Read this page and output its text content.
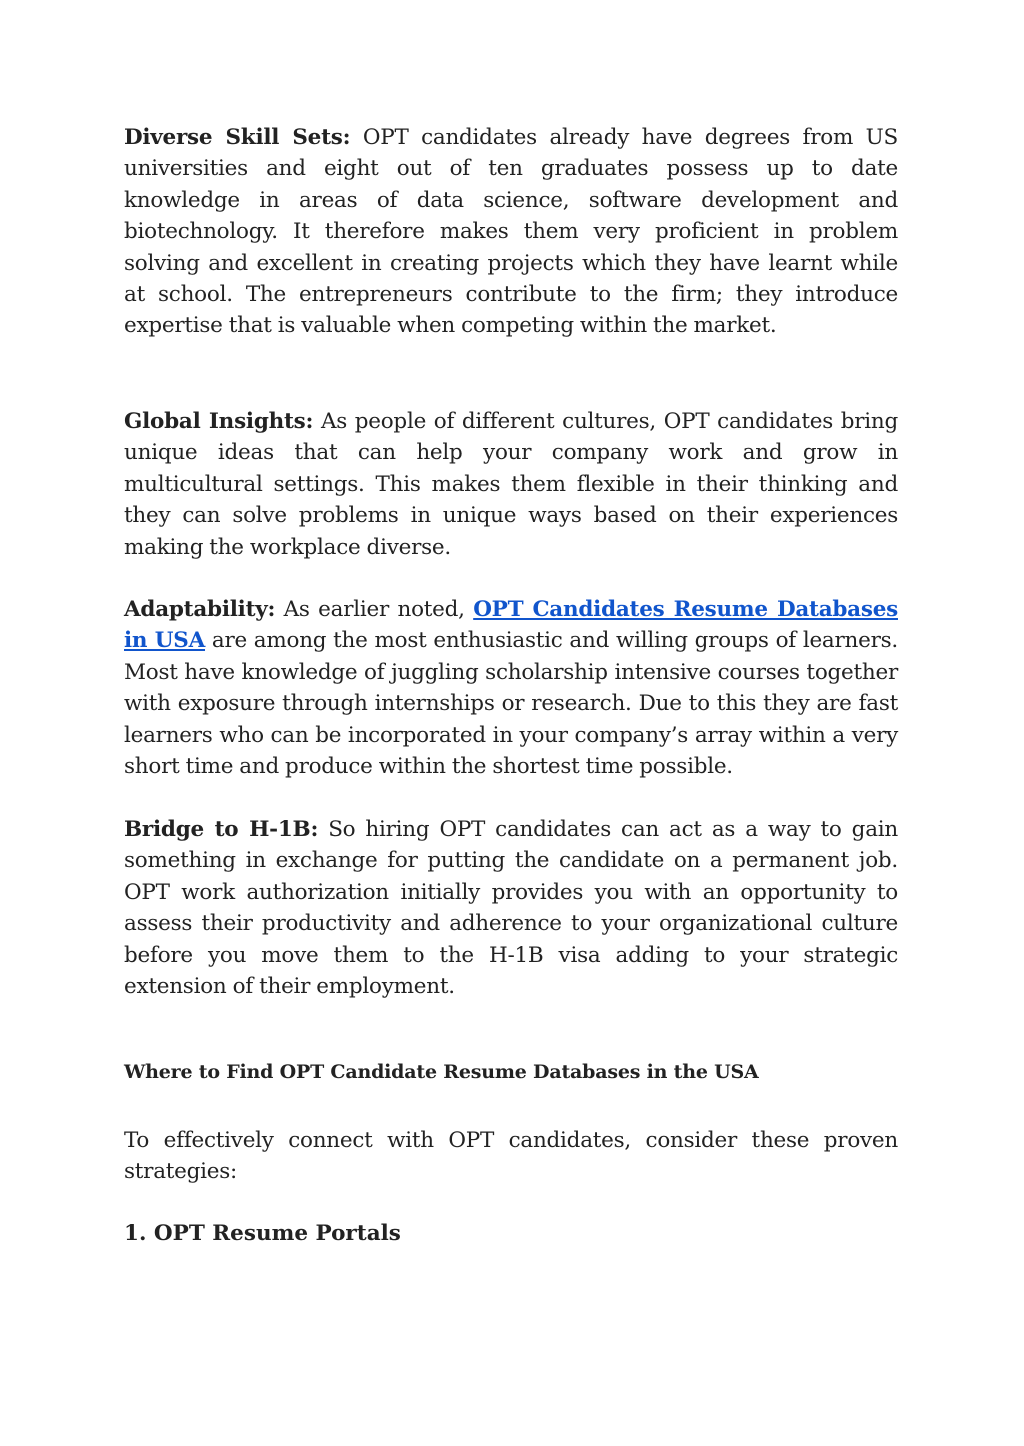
Diverse Skill Sets: OPT candidates already have degrees from US universities and eight out of ten graduates possess up to date knowledge in areas of data science, software development and biotechnology. It therefore makes them very proficient in problem solving and excellent in creating projects which they have learnt while at school. The entrepreneurs contribute to the firm; they introduce expertise that is valuable when competing within the market.

Global Insights: As people of different cultures, OPT candidates bring unique ideas that can help your company work and grow in multicultural settings. This makes them flexible in their thinking and they can solve problems in unique ways based on their experiences making the workplace diverse.

Adaptability: As earlier noted, OPT Candidates Resume Databases in USA are among the most enthusiastic and willing groups of learners. Most have knowledge of juggling scholarship intensive courses together with exposure through internships or research. Due to this they are fast learners who can be incorporated in your company’s array within a very short time and produce within the shortest time possible.

Bridge to H-1B: So hiring OPT candidates can act as a way to gain something in exchange for putting the candidate on a permanent job. OPT work authorization initially provides you with an opportunity to assess their productivity and adherence to your organizational culture before you move them to the H-1B visa adding to your strategic extension of their employment.

Where to Find OPT Candidate Resume Databases in the USA

To effectively connect with OPT candidates, consider these proven strategies:

1. OPT Resume Portals
